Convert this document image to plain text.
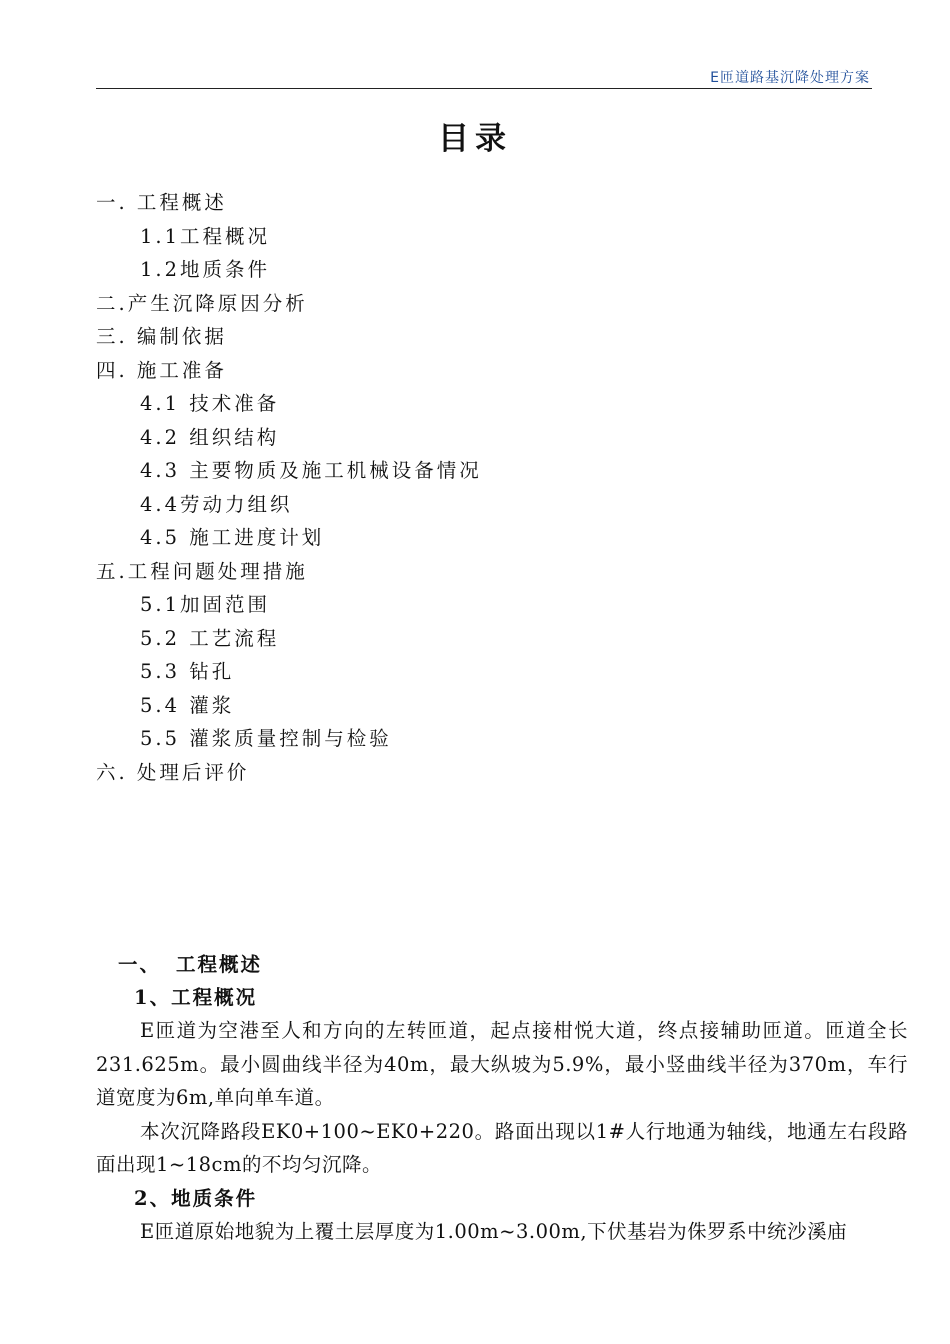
E匝道路基沉降处理方案
目录
一. 工程概述
1.1工程概况
1.2地质条件
二.产生沉降原因分析
三. 编制依据
四. 施工准备
4.1 技术准备
4.2 组织结构
4.3 主要物质及施工机械设备情况
4.4劳动力组织
4.5 施工进度计划
五.工程问题处理措施
5.1加固范围
5.2 工艺流程
5.3 钻孔
5.4 灌浆
5.5 灌浆质量控制与检验
六. 处理后评价
一、 工程概述
1、工程概况
E匝道为空港至人和方向的左转匝道，起点接柑悦大道，终点接辅助匝道。匝道全长231.625m。最小圆曲线半径为40m，最大纵坡为5.9%，最小竖曲线半径为370m，车行道宽度为6m,单向单车道。
本次沉降路段EK0+100~EK0+220。路面出现以1#人行地通为轴线，地通左右段路面出现1~18cm的不均匀沉降。
2、地质条件
E匝道原始地貌为上覆土层厚度为1.00m~3.00m,下伏基岩为侏罗系中统沙溪庙
